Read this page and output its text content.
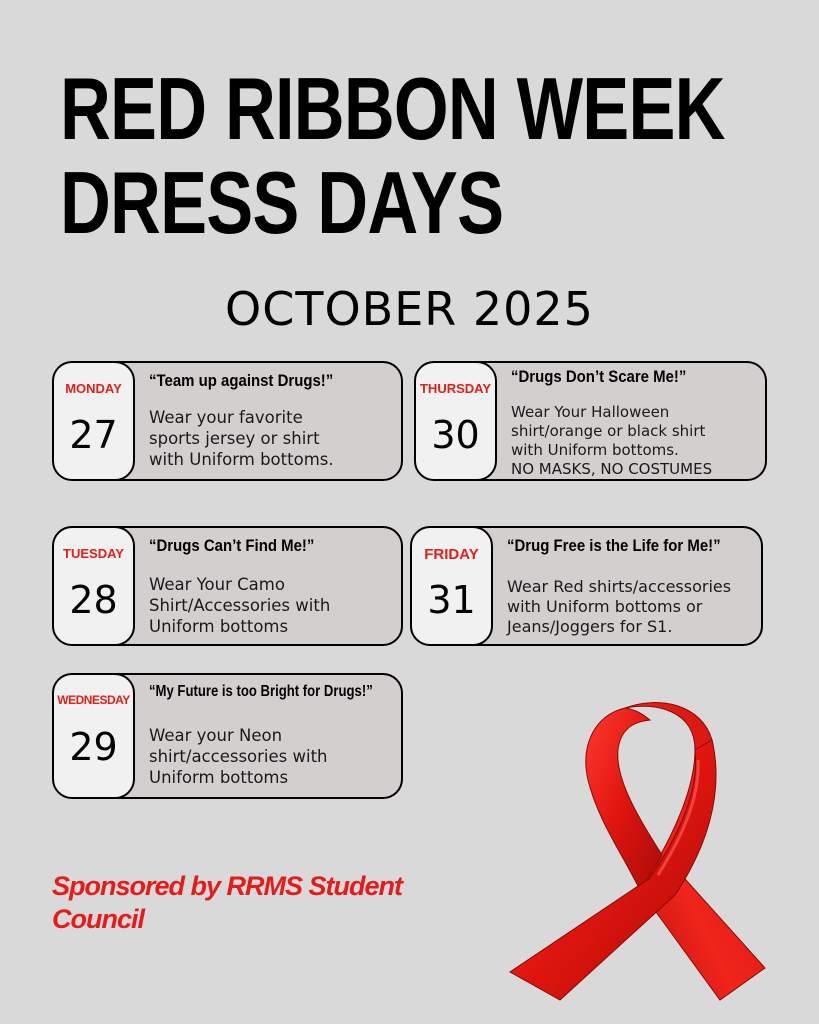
RED RIBBON WEEK
DRESS DAYS
OCTOBER 2025
MONDAY
27
“Team up against Drugs!”
Wear your favorite
sports jersey or shirt
with Uniform bottoms.
THURSDAY
30
“Drugs Don’t Scare Me!”
Wear Your Halloween
shirt/orange or black shirt
with Uniform bottoms.
NO MASKS, NO COSTUMES
TUESDAY
28
“Drugs Can’t Find Me!”
Wear Your Camo
Shirt/Accessories with
Uniform bottoms
FRIDAY
31
“Drug Free is the Life for Me!”
Wear Red shirts/accessories
with Uniform bottoms or
Jeans/Joggers for S1.
WEDNESDAY
29
“My Future is too Bright for Drugs!”
Wear your Neon
shirt/accessories with
Uniform bottoms
Sponsored by RRMS Student
Council
